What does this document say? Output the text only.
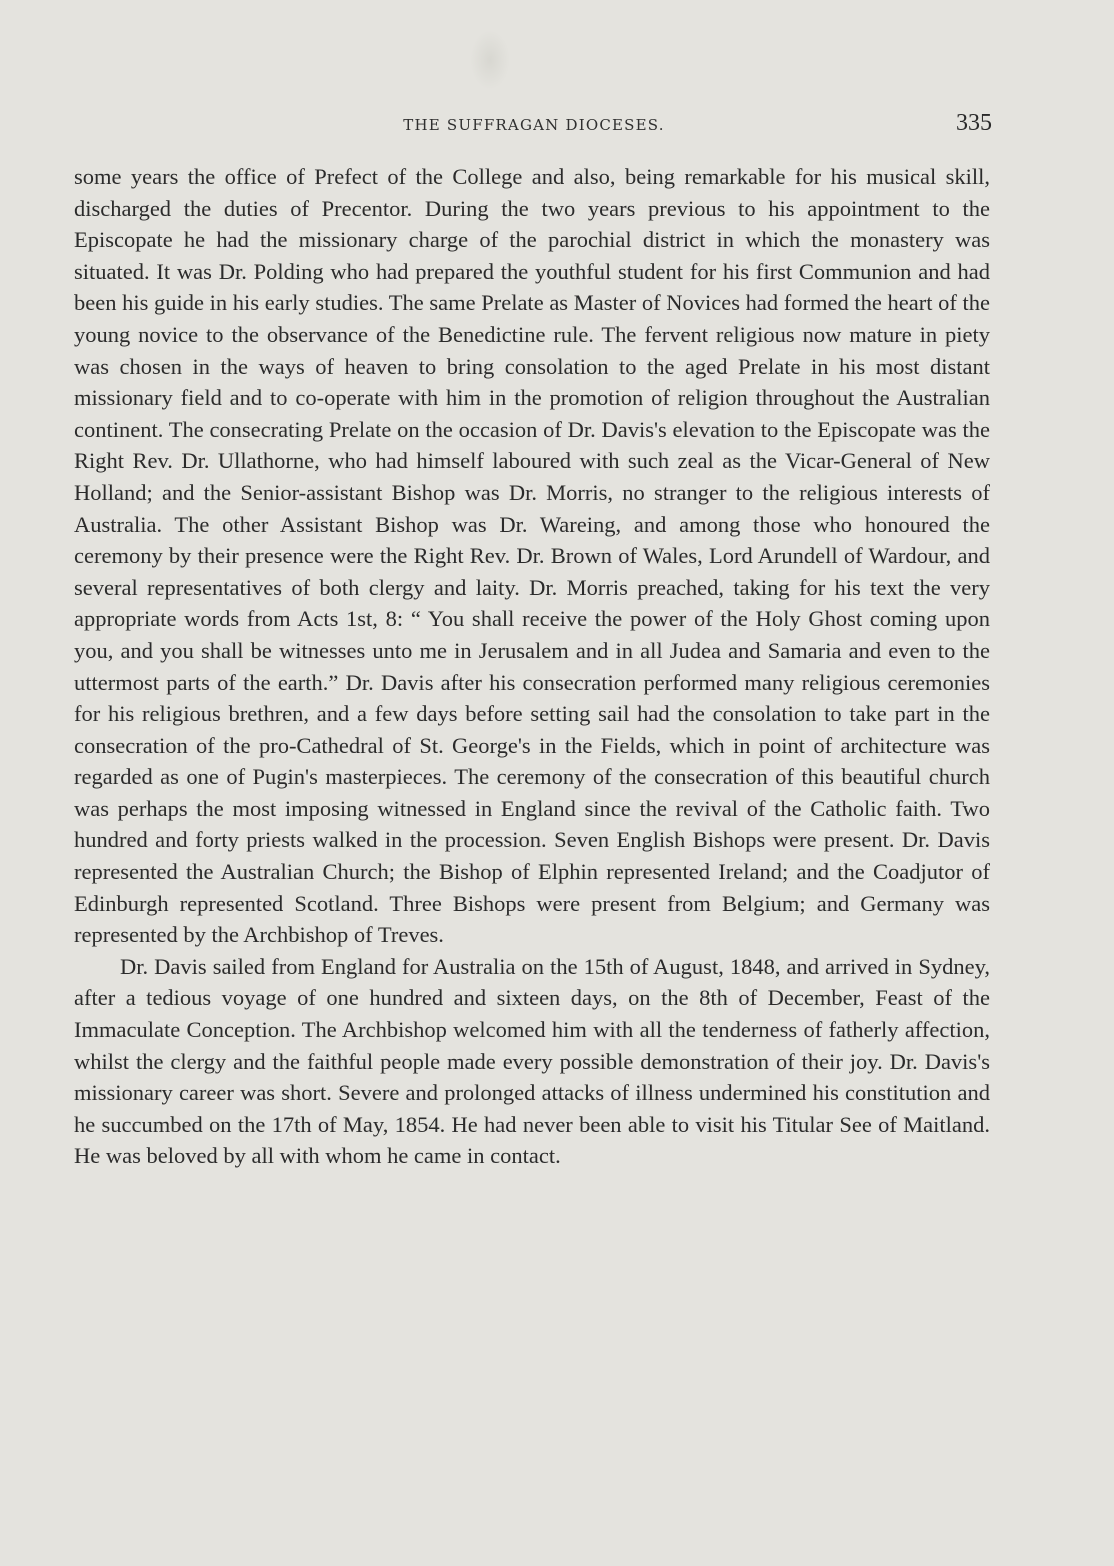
THE SUFFRAGAN DIOCESES.	335

some years the office of Prefect of the College and also, being remarkable for his musical skill, discharged the duties of Precentor. During the two years previous to his appointment to the Episcopate he had the missionary charge of the parochial district in which the monastery was situated. It was Dr. Polding who had prepared the youthful student for his first Communion and had been his guide in his early studies. The same Prelate as Master of Novices had formed the heart of the young novice to the observance of the Benedictine rule. The fervent religious now mature in piety was chosen in the ways of heaven to bring consolation to the aged Prelate in his most distant missionary field and to co-operate with him in the promotion of religion throughout the Australian continent. The consecrating Prelate on the occasion of Dr. Davis's elevation to the Episcopate was the Right Rev. Dr. Ullathorne, who had himself laboured with such zeal as the Vicar-General of New Holland; and the Senior-assistant Bishop was Dr. Morris, no stranger to the religious interests of Australia. The other Assistant Bishop was Dr. Wareing, and among those who honoured the ceremony by their presence were the Right Rev. Dr. Brown of Wales, Lord Arundell of Wardour, and several representatives of both clergy and laity. Dr. Morris preached, taking for his text the very appropriate words from Acts 1st, 8: “ You shall receive the power of the Holy Ghost coming upon you, and you shall be witnesses unto me in Jerusalem and in all Judea and Samaria and even to the uttermost parts of the earth.” Dr. Davis after his consecration performed many religious ceremonies for his religious brethren, and a few days before setting sail had the consolation to take part in the consecration of the pro-Cathedral of St. George's in the Fields, which in point of architecture was regarded as one of Pugin's masterpieces. The ceremony of the consecration of this beautiful church was perhaps the most imposing witnessed in England since the revival of the Catholic faith. Two hundred and forty priests walked in the procession. Seven English Bishops were present. Dr. Davis represented the Australian Church; the Bishop of Elphin represented Ireland; and the Coadjutor of Edinburgh represented Scotland. Three Bishops were present from Belgium; and Germany was represented by the Archbishop of Treves.

Dr. Davis sailed from England for Australia on the 15th of August, 1848, and arrived in Sydney, after a tedious voyage of one hundred and sixteen days, on the 8th of December, Feast of the Immaculate Conception. The Archbishop welcomed him with all the tenderness of fatherly affection, whilst the clergy and the faithful people made every possible demonstration of their joy. Dr. Davis's missionary career was short. Severe and prolonged attacks of illness undermined his constitution and he succumbed on the 17th of May, 1854. He had never been able to visit his Titular See of Maitland. He was beloved by all with whom he came in contact.
